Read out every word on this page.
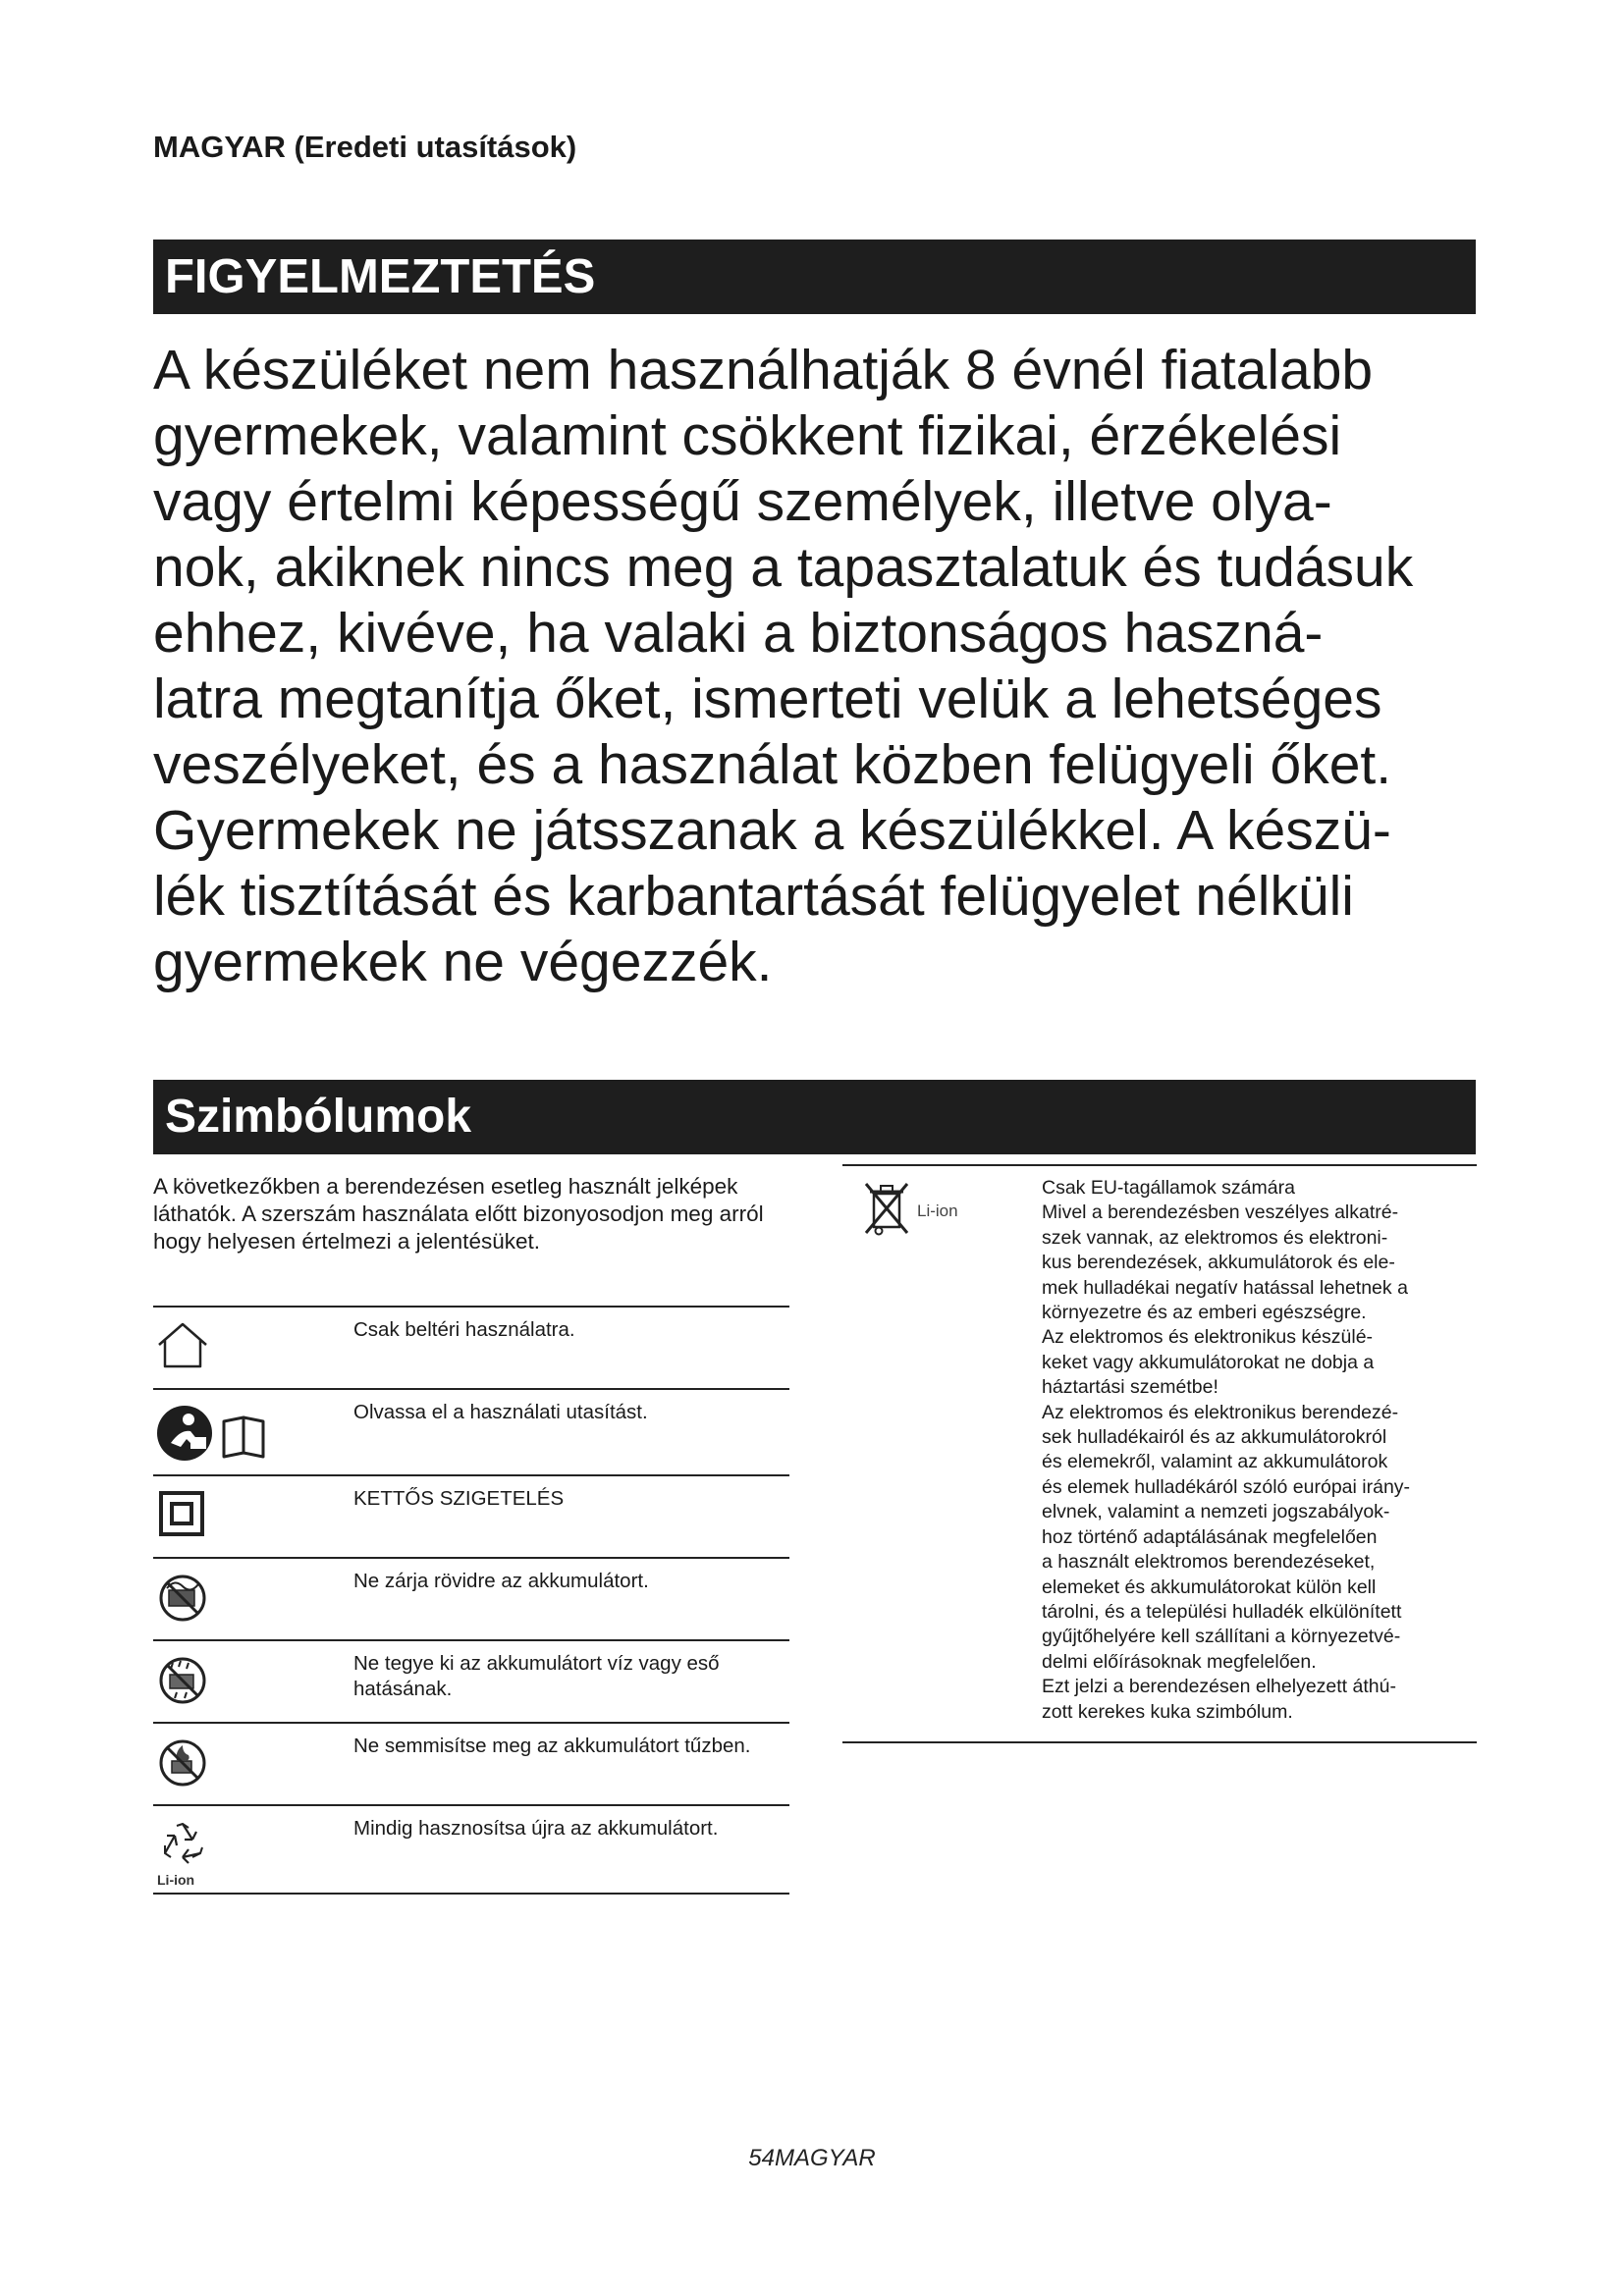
MAGYAR (Eredeti utasítások)
FIGYELMEZTETÉS
A készüléket nem használhatják 8 évnél fiatalabb
gyermekek, valamint csökkent fizikai, érzékelési
vagy értelmi képességű személyek, illetve olya-
nok, akiknek nincs meg a tapasztalatuk és tudásuk
ehhez, kivéve, ha valaki a biztonságos haszná-
latra megtanítja őket, ismerteti velük a lehetséges
veszélyeket, és a használat közben felügyeli őket.
Gyermekek ne játsszanak a készülékkel. A készü-
lék tisztítását és karbantartását felügyelet nélküli
gyermekek ne végezzék.
Szimbólumok
A következőkben a berendezésen esetleg használt jelképek láthatók. A szerszám használata előtt bizonyosodjon meg arról hogy helyesen értelmezi a jelentésüket.
Csak beltéri használatra.
Olvassa el a használati utasítást.
KETTŐS SZIGETELÉS
Ne zárja rövidre az akkumulátort.
Ne tegye ki az akkumulátort víz vagy eső hatásának.
Ne semmisítse meg az akkumulátort tűzben.
Li-ion
Mindig hasznosítsa újra az akkumulátort.
Li-ion
Csak EU-tagállamok számára
Mivel a berendezésben veszélyes alkatré-
szek vannak, az elektromos és elektroni-
kus berendezések, akkumulátorok és ele-
mek hulladékai negatív hatással lehetnek a
környezetre és az emberi egészségre.
Az elektromos és elektronikus készülé-
keket vagy akkumulátorokat ne dobja a
háztartási szemétbe!
Az elektromos és elektronikus berendezé-
sek hulladékairól és az akkumulátorokról
és elemekről, valamint az akkumulátorok
és elemek hulladékáról szóló európai irány-
elvnek, valamint a nemzeti jogszabályok-
hoz történő adaptálásának megfelelően
a használt elektromos berendezéseket,
elemeket és akkumulátorokat külön kell
tárolni, és a települési hulladék elkülönített
gyűjtőhelyére kell szállítani a környezetvé-
delmi előírásoknak megfelelően.
Ezt jelzi a berendezésen elhelyezett áthú-
zott kerekes kuka szimbólum.
54MAGYAR
